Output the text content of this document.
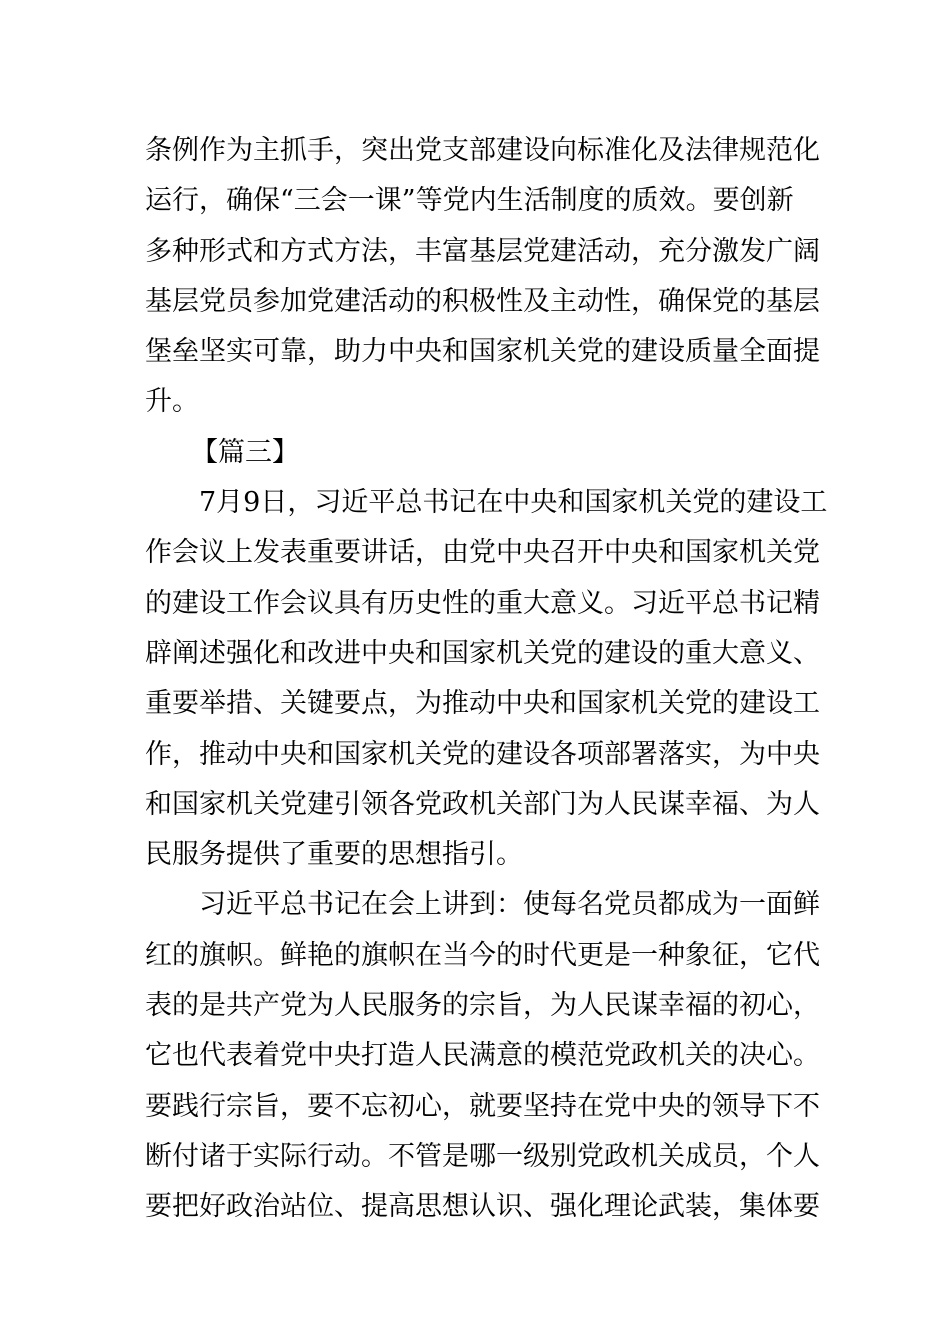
条例作为主抓手，突出党支部建设向标准化及法律规范化
运行，确保“三会一课”等党内生活制度的质效。要创新
多种形式和方式方法，丰富基层党建活动，充分激发广阔
基层党员参加党建活动的积极性及主动性，确保党的基层
堡垒坚实可靠，助力中央和国家机关党的建设质量全面提
升。
【篇三】
7月9日，习近平总书记在中央和国家机关党的建设工
作会议上发表重要讲话，由党中央召开中央和国家机关党
的建设工作会议具有历史性的重大意义。习近平总书记精
辟阐述强化和改进中央和国家机关党的建设的重大意义、
重要举措、关键要点，为推动中央和国家机关党的建设工
作，推动中央和国家机关党的建设各项部署落实，为中央
和国家机关党建引领各党政机关部门为人民谋幸福、为人
民服务提供了重要的思想指引。
习近平总书记在会上讲到：使每名党员都成为一面鲜
红的旗帜。鲜艳的旗帜在当今的时代更是一种象征，它代
表的是共产党为人民服务的宗旨，为人民谋幸福的初心，
它也代表着党中央打造人民满意的模范党政机关的决心。
要践行宗旨，要不忘初心，就要坚持在党中央的领导下不
断付诸于实际行动。不管是哪一级别党政机关成员，个人
要把好政治站位、提高思想认识、强化理论武装，集体要
